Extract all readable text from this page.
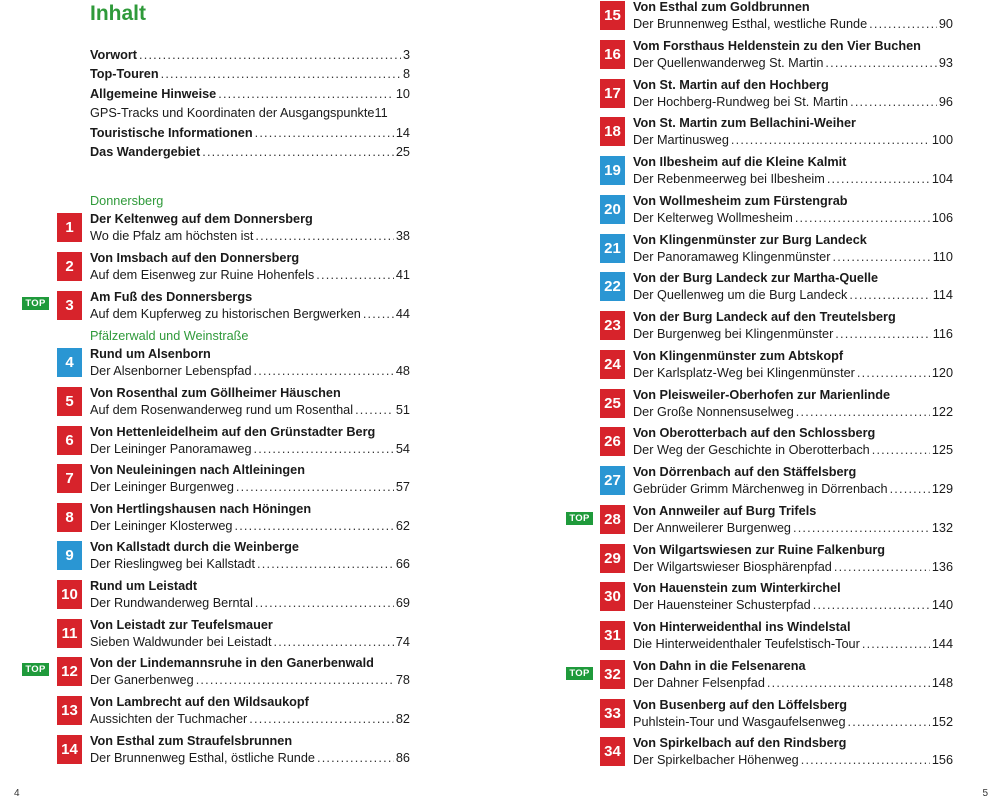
Inhalt
Vorwort .....	3
Top-Touren .....	8
Allgemeine Hinweise .....	10
GPS-Tracks und Koordinaten der Ausgangspunkte 11
Touristische Informationen .....	14
Das Wandergebiet .....	25
Donnersberg
Pfälzerwald und Weinstraße
1	Der Keltenweg auf dem Donnersberg
Wo die Pfalz am höchsten ist .....	38
2	Von Imsbach auf den Donnersberg
Auf dem Eisenweg zur Ruine Hohenfels .....	41
TOP	3	Am Fuß des Donnersbergs
Auf dem Kupferweg zu historischen Bergwerken .....	44
4	Rund um Alsenborn
Der Alsenborner Lebenspfad .....	48
5	Von Rosenthal zum Göllheimer Häuschen
Auf dem Rosenwanderweg rund um Rosenthal .....	51
6	Von Hettenleidelheim auf den Grünstadter Berg
Der Leininger Panoramaweg .....	54
7	Von Neuleiningen nach Altleiningen
Der Leininger Burgenweg .....	57
8	Von Hertlingshausen nach Höningen
Der Leininger Klosterweg .....	62
9	Von Kallstadt durch die Weinberge
Der Rieslingweg bei Kallstadt .....	66
10 Rund um Leistadt
Der Rundwanderweg Berntal .....	69
11 Von Leistadt zur Teufelsmauer
Sieben Waldwunder bei Leistadt .....	74
TOP 12 Von der Lindemannsruhe in den Ganerbenwald
Der Ganerbenweg .....	78
13 Von Lambrecht auf den Wildsaukopf
Aussichten der Tuchmacher .....	82
14 Von Esthal zum Straufelsbrunnen
Der Brunnenweg Esthal, östliche Runde .....	86
4
15 Von Esthal zum Goldbrunnen
Der Brunnenweg Esthal, westliche Runde .....	90
16 Vom Forsthaus Heldenstein zu den Vier Buchen
Der Quellenwanderweg St. Martin .....	93
17 Von St. Martin auf den Hochberg
Der Hochberg-Rundweg bei St. Martin .....	96
18 Von St. Martin zum Bellachini-Weiher
Der Martinusweg .....	100
19 Von Ilbesheim auf die Kleine Kalmit
Der Rebenmeerweg bei Ilbesheim .....	104
20 Von Wollmesheim zum Fürstengrab
Der Kelterweg Wollmesheim .....	106
21 Von Klingenmünster zur Burg Landeck
Der Panoramaweg Klingenmünster .....	110
22 Von der Burg Landeck zur Martha-Quelle
Der Quellenweg um die Burg Landeck .....	114
23 Von der Burg Landeck auf den Treutelsberg
Der Burgenweg bei Klingenmünster .....	116
24 Von Klingenmünster zum Abtskopf
Der Karlsplatz-Weg bei Klingenmünster .....	120
25 Von Pleisweiler-Oberhofen zur Marienlinde
Der Große Nonnensuselweg .....	122
26 Von Oberotterbach auf den Schlossberg
Der Weg der Geschichte in Oberotterbach .....	125
27 Von Dörrenbach auf den Stäffelsberg
Gebrüder Grimm Märchenweg in Dörrenbach .....	129
TOP 28 Von Annweiler auf Burg Trifels
Der Annweilerer Burgenweg .....	132
29 Von Wilgartswiesen zur Ruine Falkenburg
Der Wilgartswieser Biosphärenpfad .....	136
30 Von Hauenstein zum Winterkirchel
Der Hauensteiner Schusterpfad .....	140
31 Von Hinterweidenthal ins Windelstal
Die Hinterweidenthaler Teufelstisch-Tour .....	144
TOP 32 Von Dahn in die Felsenarena
Der Dahner Felsenpfad .....	148
33 Von Busenberg auf den Löffelsberg
Puhlstein-Tour und Wasgaufelsenweg .....	152
34 Von Spirkelbach auf den Rindsberg
Der Spirkelbacher Höhenweg .....	156
5
